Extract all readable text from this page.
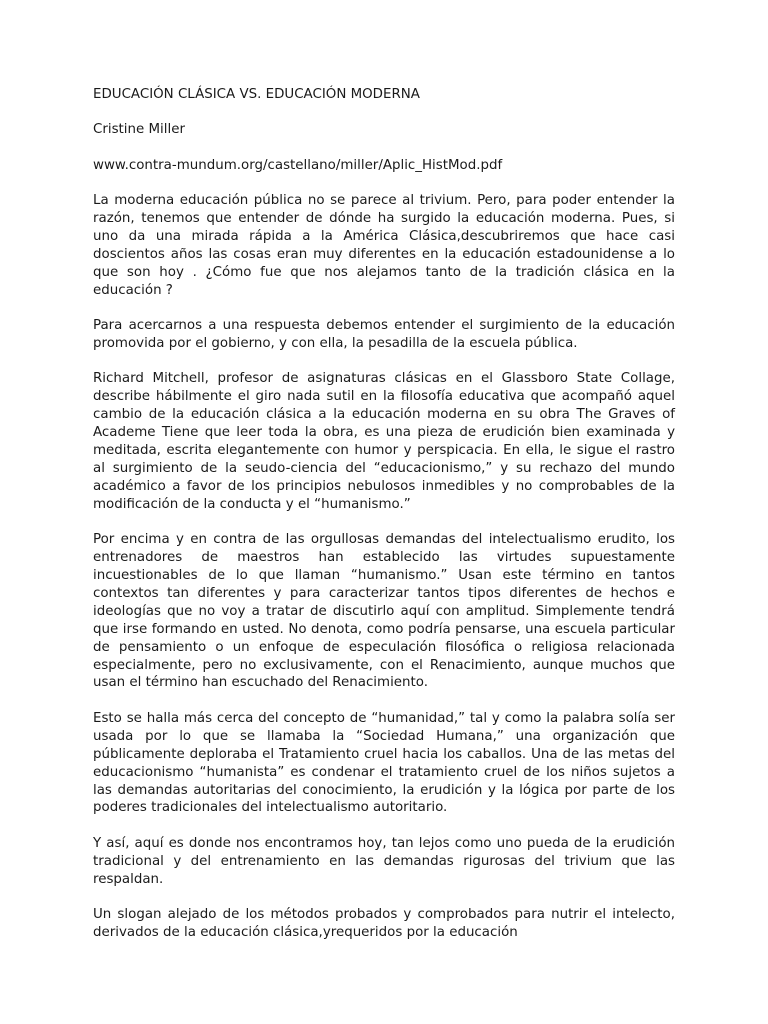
EDUCACIÓN CLÁSICA VS. EDUCACIÓN MODERNA
Cristine Miller
www.contra-mundum.org/castellano/miller/Aplic_HistMod.pdf

La moderna educación pública no se parece al trivium. Pero, para poder entender la razón, tenemos que entender de dónde ha surgido la educación moderna. Pues, si uno da una mirada rápida a la América Clásica,descubriremos que hace casi doscientos años las cosas eran muy diferentes en la educación estadounidense a lo que son hoy . ¿Cómo fue que nos alejamos tanto de la tradición clásica en la educación ?

Para acercarnos a una respuesta debemos entender el surgimiento de la educación promovida por el gobierno, y con ella, la pesadilla de la escuela pública.

Richard Mitchell, profesor de asignaturas clásicas en el Glassboro State Collage, describe hábilmente el giro nada sutil en la filosofía educativa que acompañó aquel cambio de la educación clásica a la educación moderna en su obra The Graves of Academe Tiene que leer toda la obra, es una pieza de erudición bien examinada y meditada, escrita elegantemente con humor y perspicacia. En ella, le sigue el rastro al surgimiento de la seudo-ciencia del “educacionismo,” y su rechazo del mundo académico a favor de los principios nebulosos inmedibles y no comprobables de la modificación de la conducta y el “humanismo.”

Por encima y en contra de las orgullosas demandas del intelectualismo erudito, los entrenadores de maestros han establecido las virtudes supuestamente incuestionables de lo que llaman “humanismo.” Usan este término en tantos contextos tan diferentes y para caracterizar tantos tipos diferentes de hechos e ideologías que no voy a tratar de discutirlo aquí con amplitud. Simplemente tendrá que irse formando en usted. No denota, como podría pensarse, una escuela particular de pensamiento o un enfoque de especulación filosófica o religiosa relacionada especialmente, pero no exclusivamente, con el Renacimiento, aunque muchos que usan el término han escuchado del Renacimiento.

Esto se halla más cerca del concepto de “humanidad,” tal y como la palabra solía ser usada por lo que se llamaba la “Sociedad Humana,” una organización que públicamente deploraba el Tratamiento cruel hacia los caballos. Una de las metas del educacionismo “humanista” es condenar el tratamiento cruel de los niños sujetos a las demandas autoritarias del conocimiento, la erudición y la lógica por parte de los poderes tradicionales del intelectualismo autoritario.

Y así, aquí es donde nos encontramos hoy, tan lejos como uno pueda de la erudición tradicional y del entrenamiento en las demandas rigurosas del trivium que las respaldan.

Un slogan alejado de los métodos probados y comprobados para nutrir el intelecto, derivados de la educación clásica,yrequeridos por la educación
